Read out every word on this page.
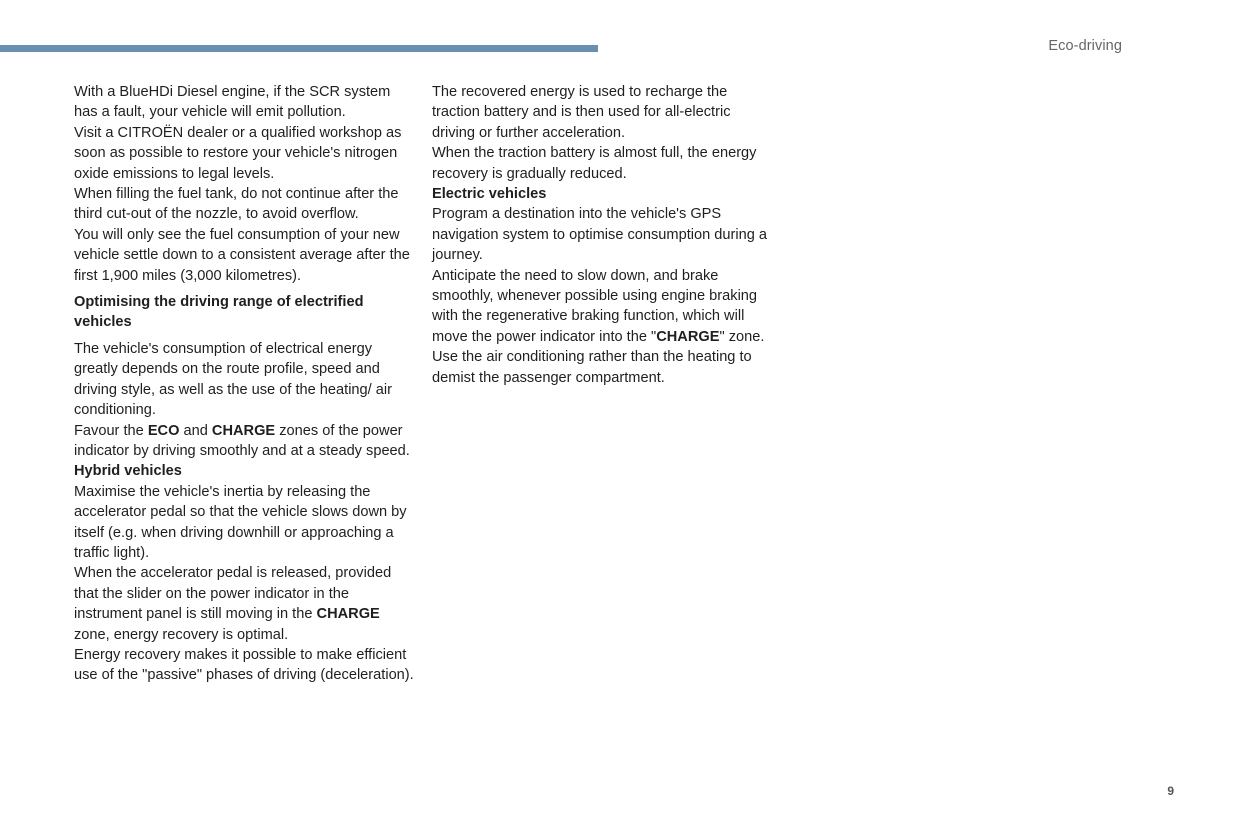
Eco-driving

With a BlueHDi Diesel engine, if the SCR system has a fault, your vehicle will emit pollution.

Visit a CITROËN dealer or a qualified workshop as soon as possible to restore your vehicle's nitrogen oxide emissions to legal levels.

When filling the fuel tank, do not continue after the third cut-out of the nozzle, to avoid overflow.

You will only see the fuel consumption of your new vehicle settle down to a consistent average after the first 1,900 miles (3,000 kilometres).

Optimising the driving range of electrified vehicles

The vehicle's consumption of electrical energy greatly depends on the route profile, speed and driving style, as well as the use of the heating/ air conditioning.

Favour the ECO and CHARGE zones of the power indicator by driving smoothly and at a steady speed.

Hybrid vehicles

Maximise the vehicle's inertia by releasing the accelerator pedal so that the vehicle slows down by itself (e.g. when driving downhill or approaching a traffic light).

When the accelerator pedal is released, provided that the slider on the power indicator in the instrument panel is still moving in the CHARGE zone, energy recovery is optimal.

Energy recovery makes it possible to make efficient use of the "passive" phases of driving (deceleration).

The recovered energy is used to recharge the traction battery and is then used for all-electric driving or further acceleration.

When the traction battery is almost full, the energy recovery is gradually reduced.

Electric vehicles

Program a destination into the vehicle's GPS navigation system to optimise consumption during a journey.

Anticipate the need to slow down, and brake smoothly, whenever possible using engine braking with the regenerative braking function, which will move the power indicator into the "CHARGE" zone.

Use the air conditioning rather than the heating to demist the passenger compartment.

9
